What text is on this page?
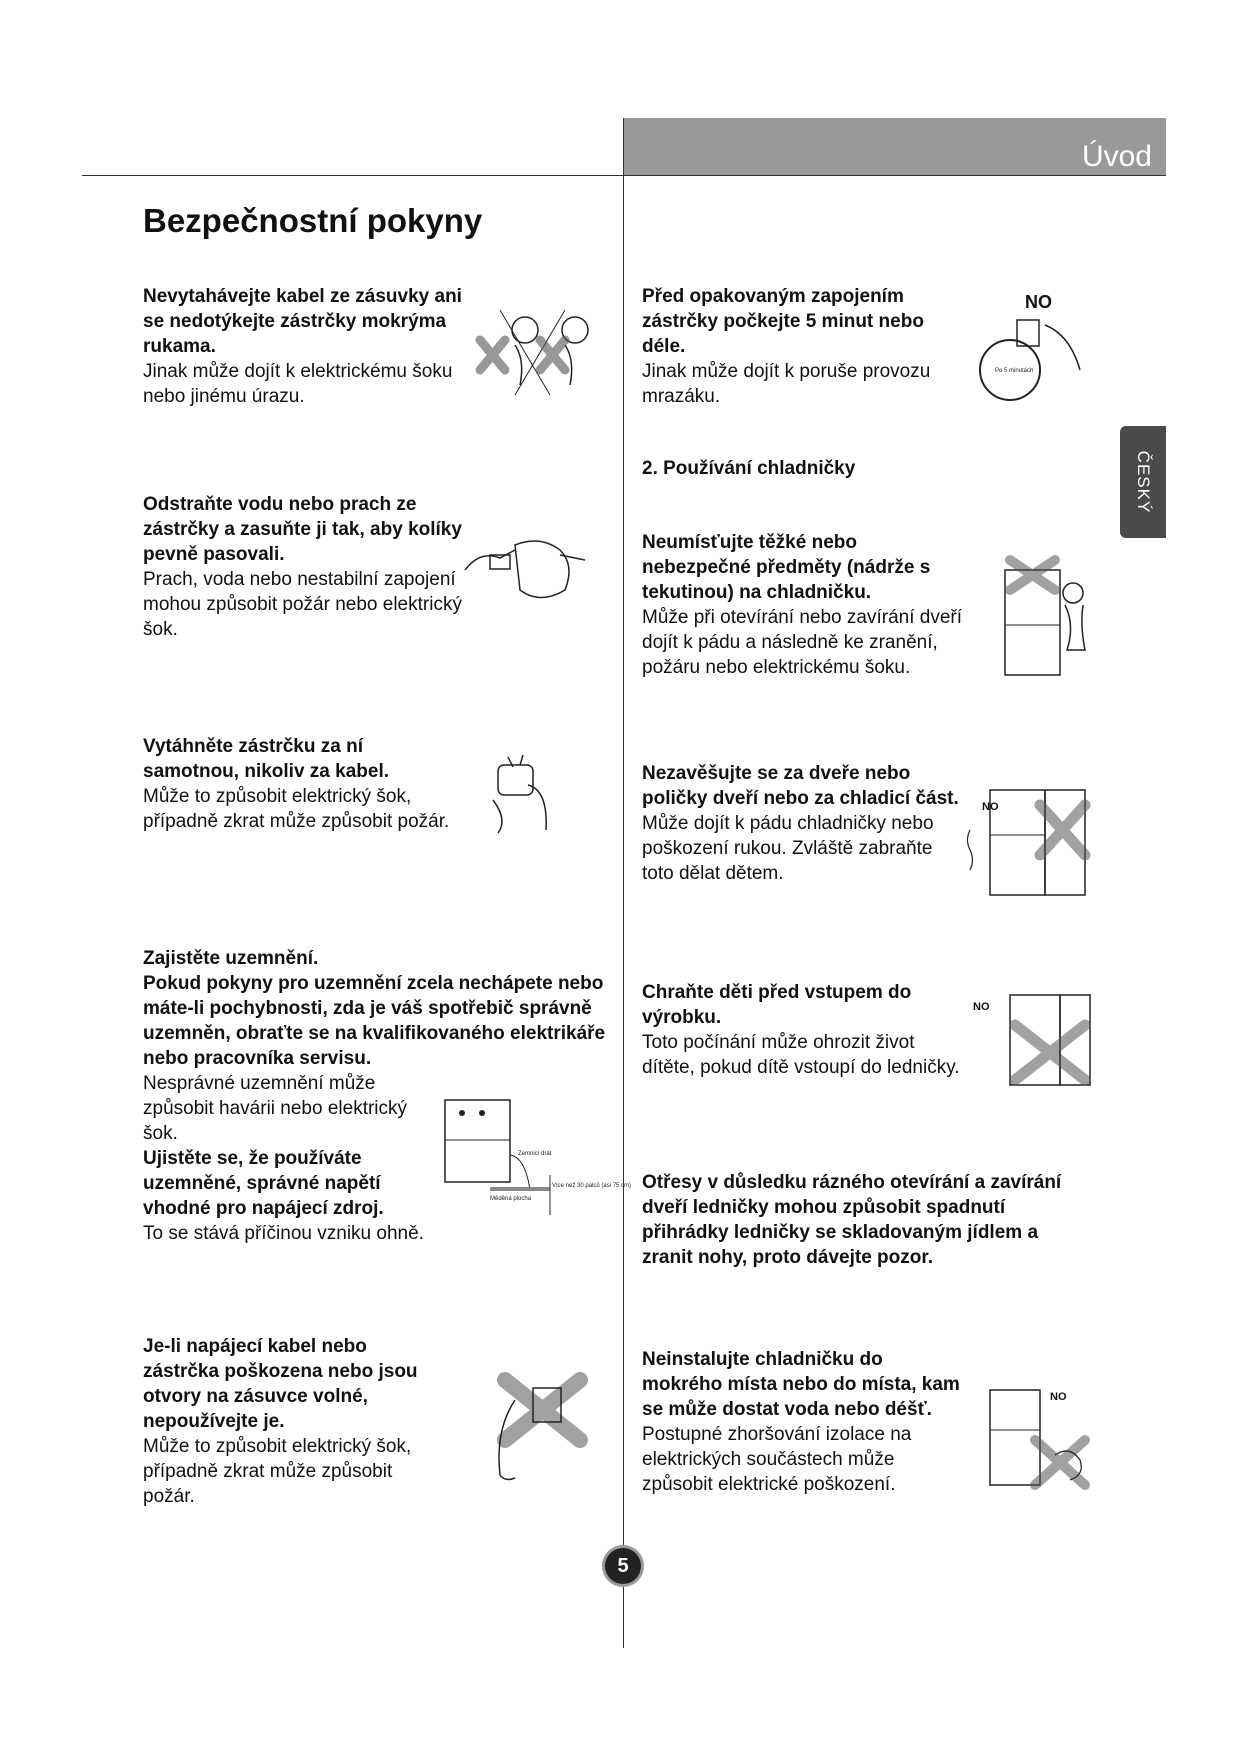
Úvod
ČESKÝ
Bezpečnostní pokyny
Nevytahávejte kabel ze zásuvky ani se nedotýkejte zástrčky mokrýma rukama.
Jinak může dojít k elektrickému šoku nebo jinému úrazu.
Odstraňte vodu nebo prach ze zástrčky a zasuňte ji tak, aby kolíky pevně pasovali.
Prach, voda nebo nestabilní zapojení mohou způsobit požár nebo elektrický šok.
Vytáhněte zástrčku za ní samotnou, nikoliv za kabel.
Může to způsobit elektrický šok, případně zkrat může způsobit požár.
Zajistěte uzemnění.
Pokud pokyny pro uzemnění zcela nechápete nebo máte-li pochybnosti, zda je váš spotřebič správně uzemněn, obraťte se na kvalifikovaného elektrikáře nebo pracovníka servisu.
Nesprávné uzemnění může způsobit havárii nebo elektrický šok.
Ujistěte se, že používáte uzemněné, správné napětí vhodné pro napájecí zdroj.
To se stává příčinou vzniku ohně.
Zemnicí drát
Více než 30 palců (asi 75 cm)
Měděná plocha
Je-li napájecí kabel nebo zástrčka poškozena nebo jsou otvory na zásuvce volné, nepoužívejte je.
Může to způsobit elektrický šok, případně zkrat může způsobit požár.
Před opakovaným zapojením zástrčky počkejte 5 minut nebo déle.
Jinak může dojít k poruše provozu mrazáku.
NO
Po 5 minutách
2. Používání chladničky
Neumísťujte těžké nebo nebezpečné předměty (nádrže s tekutinou) na chladničku.
Může při otevírání nebo zavírání dveří dojít k pádu a následně ke zranění, požáru nebo elektrickému šoku.
Nezavěšujte se za dveře nebo poličky dveří nebo za chladicí část.
Může dojít k pádu chladničky nebo poškození rukou. Zvláště zabraňte toto dělat dětem.
NO
Chraňte děti před vstupem do výrobku.
Toto počínání může ohrozit život dítěte, pokud dítě vstoupí do ledničky.
NO
Otřesy v důsledku rázného otevírání a zavírání dveří ledničky mohou způsobit spadnutí přihrádky ledničky se skladovaným jídlem a zranit nohy, proto dávejte pozor.
Neinstalujte chladničku do mokrého místa nebo do místa, kam se může dostat voda nebo déšť.
Postupné zhoršování izolace na elektrických součástech může způsobit elektrické poškození.
NO
5
